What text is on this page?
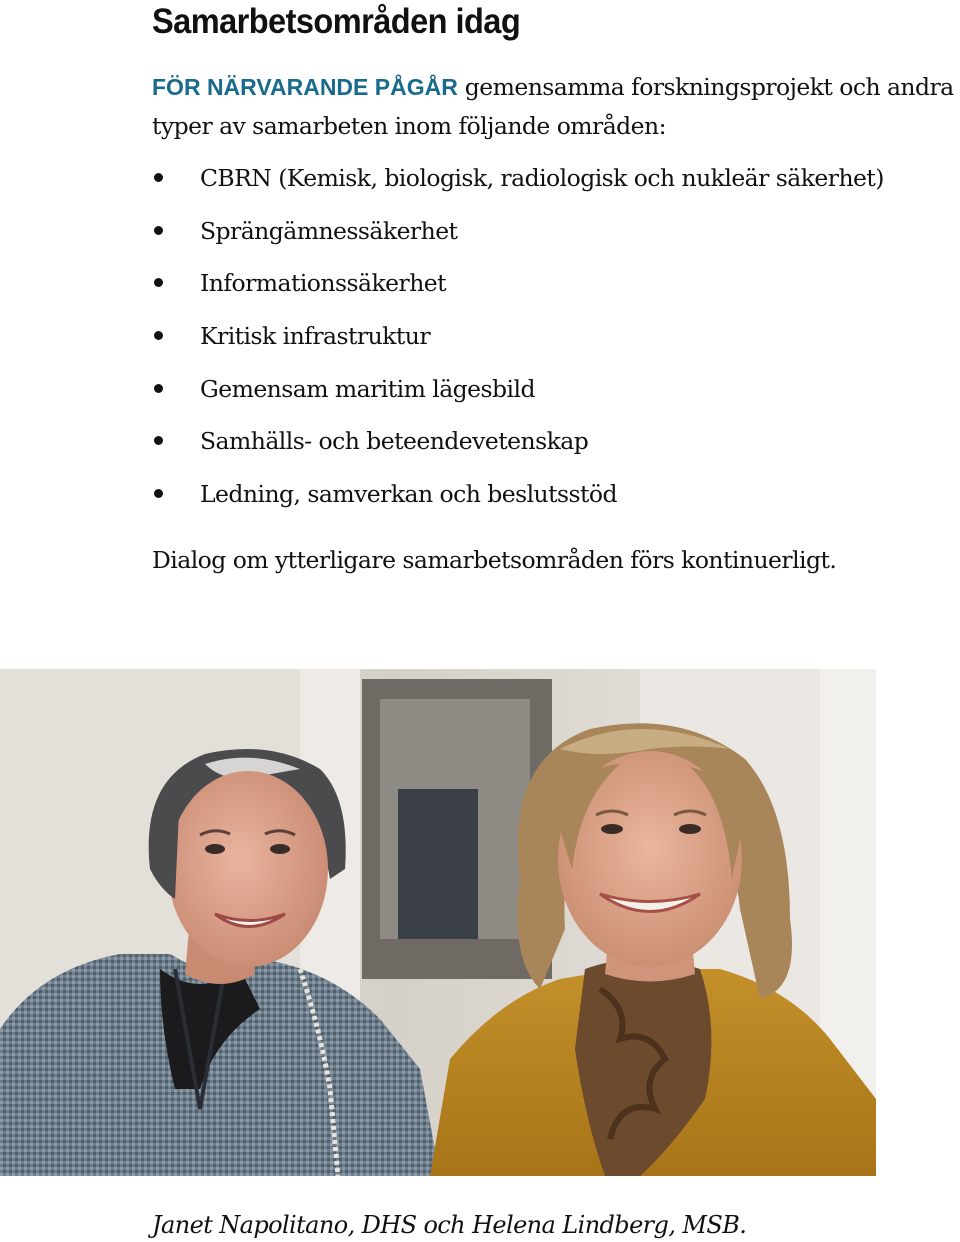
Samarbetsområden idag

FÖR NÄRVARANDE PÅGÅR gemensamma forskningsprojekt och andra typer av samarbeten inom följande områden:

CBRN (Kemisk, biologisk, radiologisk och nukleär säkerhet)
Sprängämnessäkerhet
Informationssäkerhet
Kritisk infrastruktur
Gemensam maritim lägesbild
Samhälls- och beteendevetenskap
Ledning, samverkan och beslutsstöd

Dialog om ytterligare samarbetsområden förs kontinuerligt.

Janet Napolitano, DHS och Helena Lindberg, MSB.
